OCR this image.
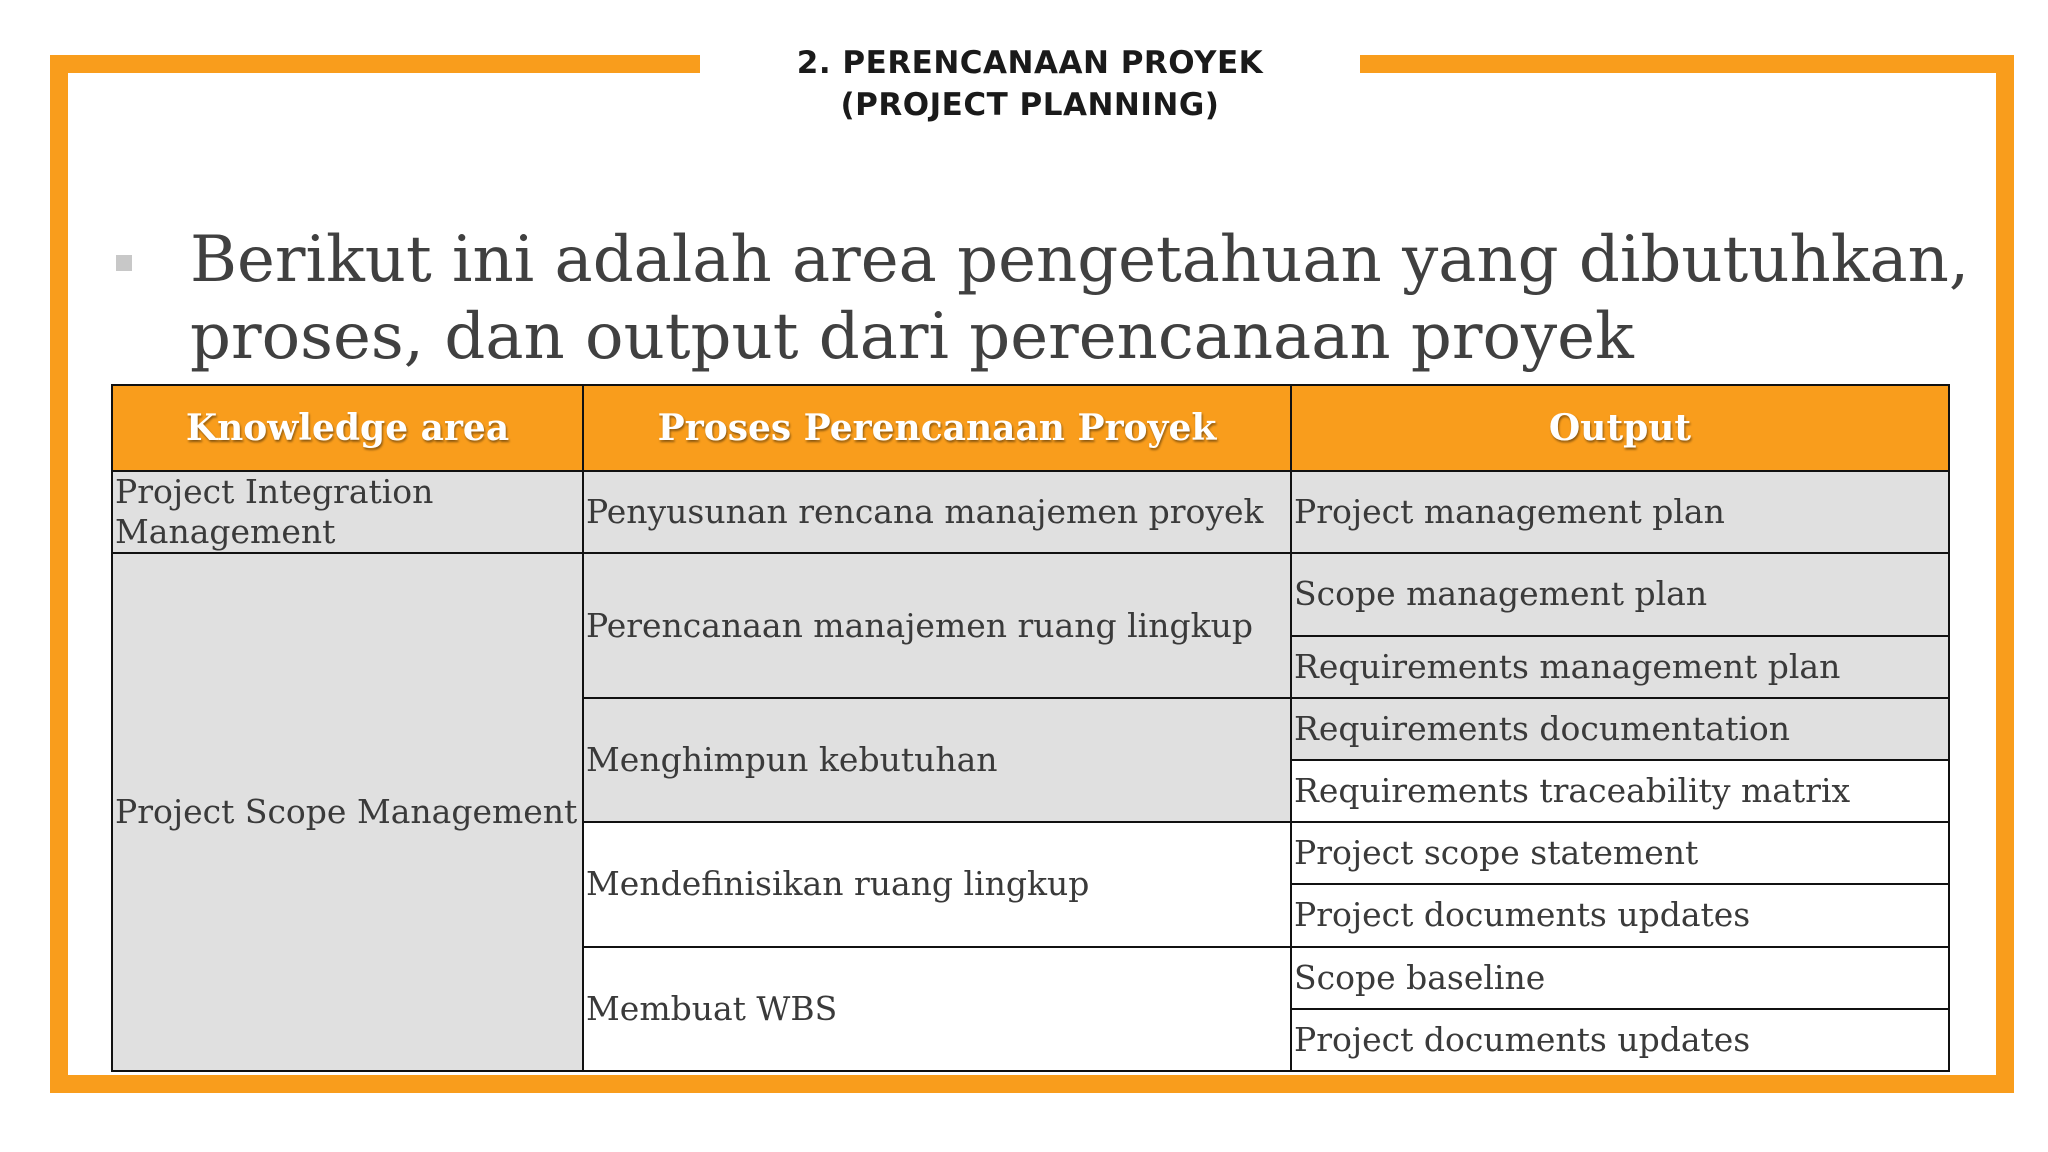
2. PERENCANAAN PROYEK
(PROJECT PLANNING)
Berikut ini adalah area pengetahuan yang dibutuhkan, proses, dan output dari perencanaan proyek
Knowledge area	Proses Perencanaan Proyek	Output
Project Integration Management	Penyusunan rencana manajemen proyek	Project management plan
Project Scope Management	Perencanaan manajemen ruang lingkup	Scope management plan
		Requirements management plan
	Menghimpun kebutuhan	Requirements documentation
		Requirements traceability matrix
	Mendefinisikan ruang lingkup	Project scope statement
		Project documents updates
	Membuat WBS	Scope baseline
		Project documents updates
